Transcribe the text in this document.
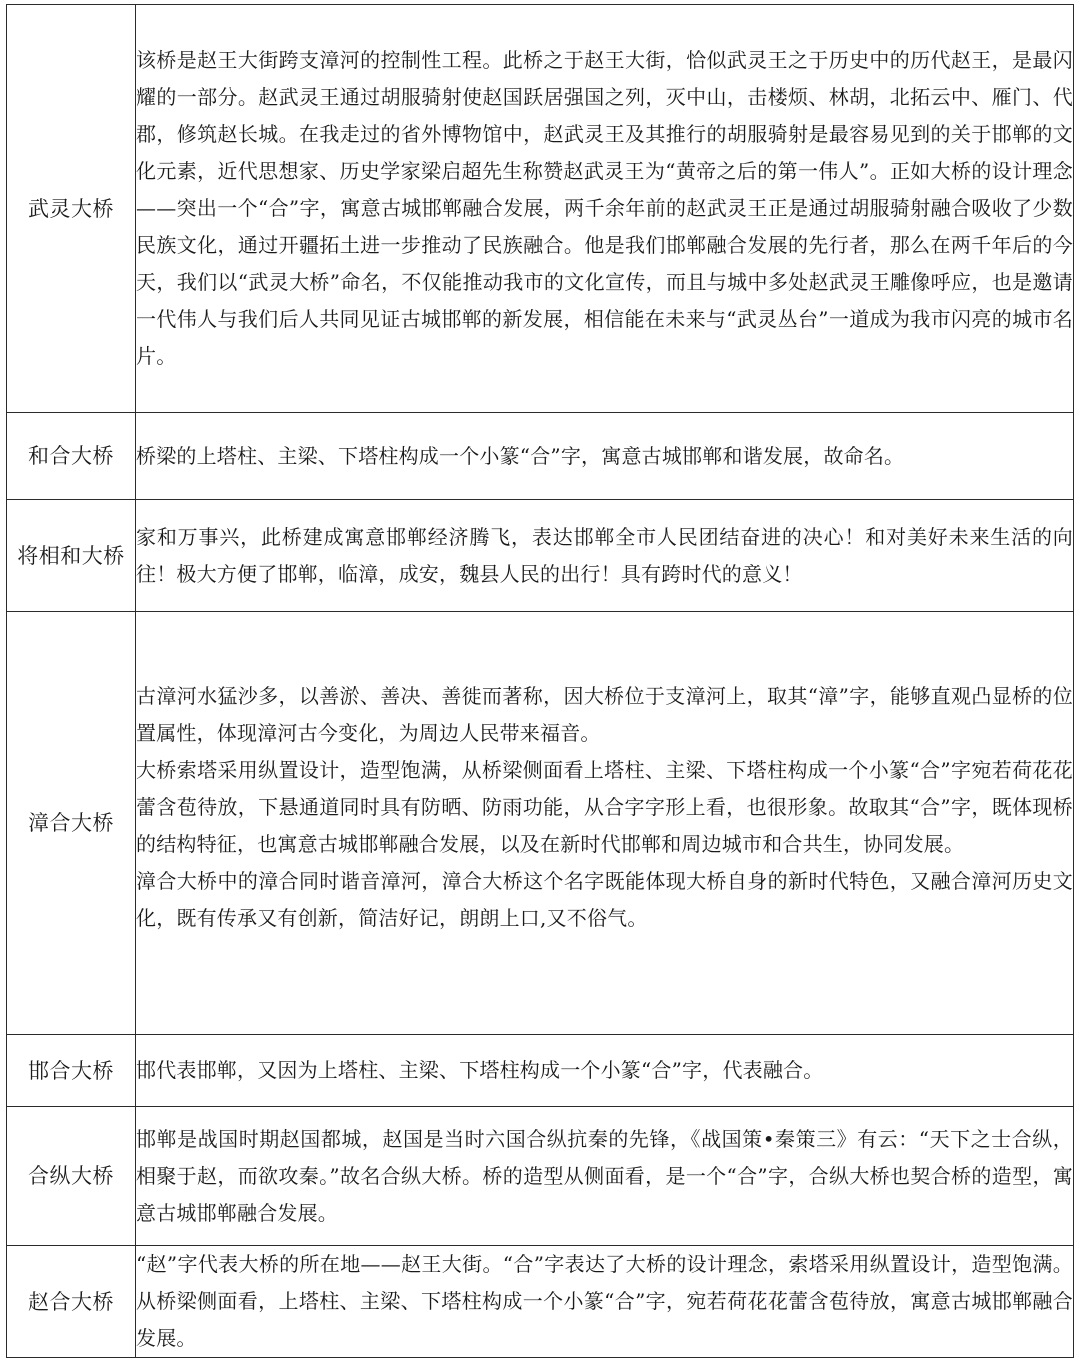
武灵大桥	该桥是赵王大街跨支漳河的控制性工程。此桥之于赵王大街，恰似武灵王之于历史中的历代赵王，是最闪耀的一部分。赵武灵王通过胡服骑射使赵国跃居强国之列，灭中山，击楼烦、林胡，北拓云中、雁门、代郡，修筑赵长城。在我走过的省外博物馆中，赵武灵王及其推行的胡服骑射是最容易见到的关于邯郸的文化元素，近代思想家、历史学家梁启超先生称赞赵武灵王为“黄帝之后的第一伟人”。正如大桥的设计理念——突出一个“合”字，寓意古城邯郸融合发展，两千余年前的赵武灵王正是通过胡服骑射融合吸收了少数民族文化，通过开疆拓土进一步推动了民族融合。他是我们邯郸融合发展的先行者，那么在两千年后的今天，我们以“武灵大桥”命名，不仅能推动我市的文化宣传，而且与城中多处赵武灵王雕像呼应，也是邀请一代伟人与我们后人共同见证古城邯郸的新发展，相信能在未来与“武灵丛台”一道成为我市闪亮的城市名片。

和合大桥	桥梁的上塔柱、主梁、下塔柱构成一个小篆“合”字，寓意古城邯郸和谐发展，故命名。

将相和大桥	家和万事兴，此桥建成寓意邯郸经济腾飞，表达邯郸全市人民团结奋进的决心！和对美好未来生活的向往！极大方便了邯郸，临漳，成安，魏县人民的出行！具有跨时代的意义！

漳合大桥	古漳河水猛沙多，以善淤、善决、善徙而著称，因大桥位于支漳河上，取其“漳”字，能够直观凸显桥的位置属性，体现漳河古今变化，为周边人民带来福音。
大桥索塔采用纵置设计，造型饱满，从桥梁侧面看上塔柱、主梁、下塔柱构成一个小篆“合”字宛若荷花花蕾含苞待放，下悬通道同时具有防晒、防雨功能，从合字字形上看，也很形象。故取其“合”字，既体现桥的结构特征，也寓意古城邯郸融合发展，以及在新时代邯郸和周边城市和合共生，协同发展。
漳合大桥中的漳合同时谐音漳河，漳合大桥这个名字既能体现大桥自身的新时代特色，又融合漳河历史文化，既有传承又有创新，简洁好记，朗朗上口,又不俗气。

邯合大桥	邯代表邯郸，又因为上塔柱、主梁、下塔柱构成一个小篆“合”字，代表融合。

合纵大桥	邯郸是战国时期赵国都城，赵国是当时六国合纵抗秦的先锋，《战国策•秦策三》有云：“天下之士合纵，相聚于赵，而欲攻秦。”故名合纵大桥。桥的造型从侧面看，是一个“合”字，合纵大桥也契合桥的造型，寓意古城邯郸融合发展。

赵合大桥	“赵”字代表大桥的所在地——赵王大街。“合”字表达了大桥的设计理念，索塔采用纵置设计，造型饱满。从桥梁侧面看，上塔柱、主梁、下塔柱构成一个小篆“合”字，宛若荷花花蕾含苞待放，寓意古城邯郸融合发展。
